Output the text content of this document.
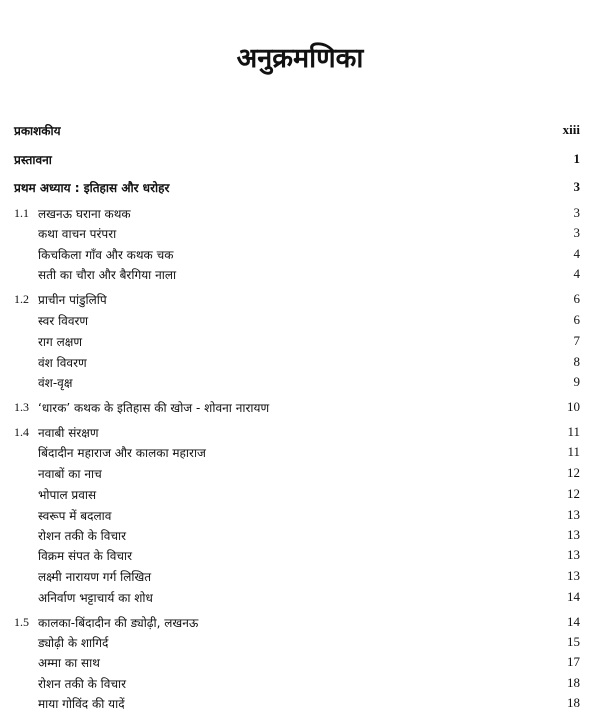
अनुक्रमणिका
प्रकाशकीय	xiii
प्रस्तावना	1
प्रथम अध्याय : इतिहास और धरोहर	3
1.1 लखनऊ घराना कथक	3
कथा वाचन परंपरा	3
किचकिला गाँव और कथक चक	4
सती का चौरा और बैरगिया नाला	4
1.2 प्राचीन पांडुलिपि	6
स्वर विवरण	6
राग लक्षण	7
वंश विवरण	8
वंश-वृक्ष	9
1.3 ‘धारक’ कथक के इतिहास की खोज - शोवना नारायण	10
1.4 नवाबी संरक्षण	11
बिंदादीन महाराज और कालका महाराज	11
नवाबों का नाच	12
भोपाल प्रवास	12
स्वरूप में बदलाव	13
रोशन तकी के विचार	13
विक्रम संपत के विचार	13
लक्ष्मी नारायण गर्ग लिखित	13
अनिर्वाण भट्टाचार्य का शोध	14
1.5 कालका-बिंदादीन की ड्योढ़ी, लखनऊ	14
ड्योढ़ी के शागिर्द	15
अम्मा का साथ	17
रोशन तकी के विचार	18
माया गोविंद की यादें	18
